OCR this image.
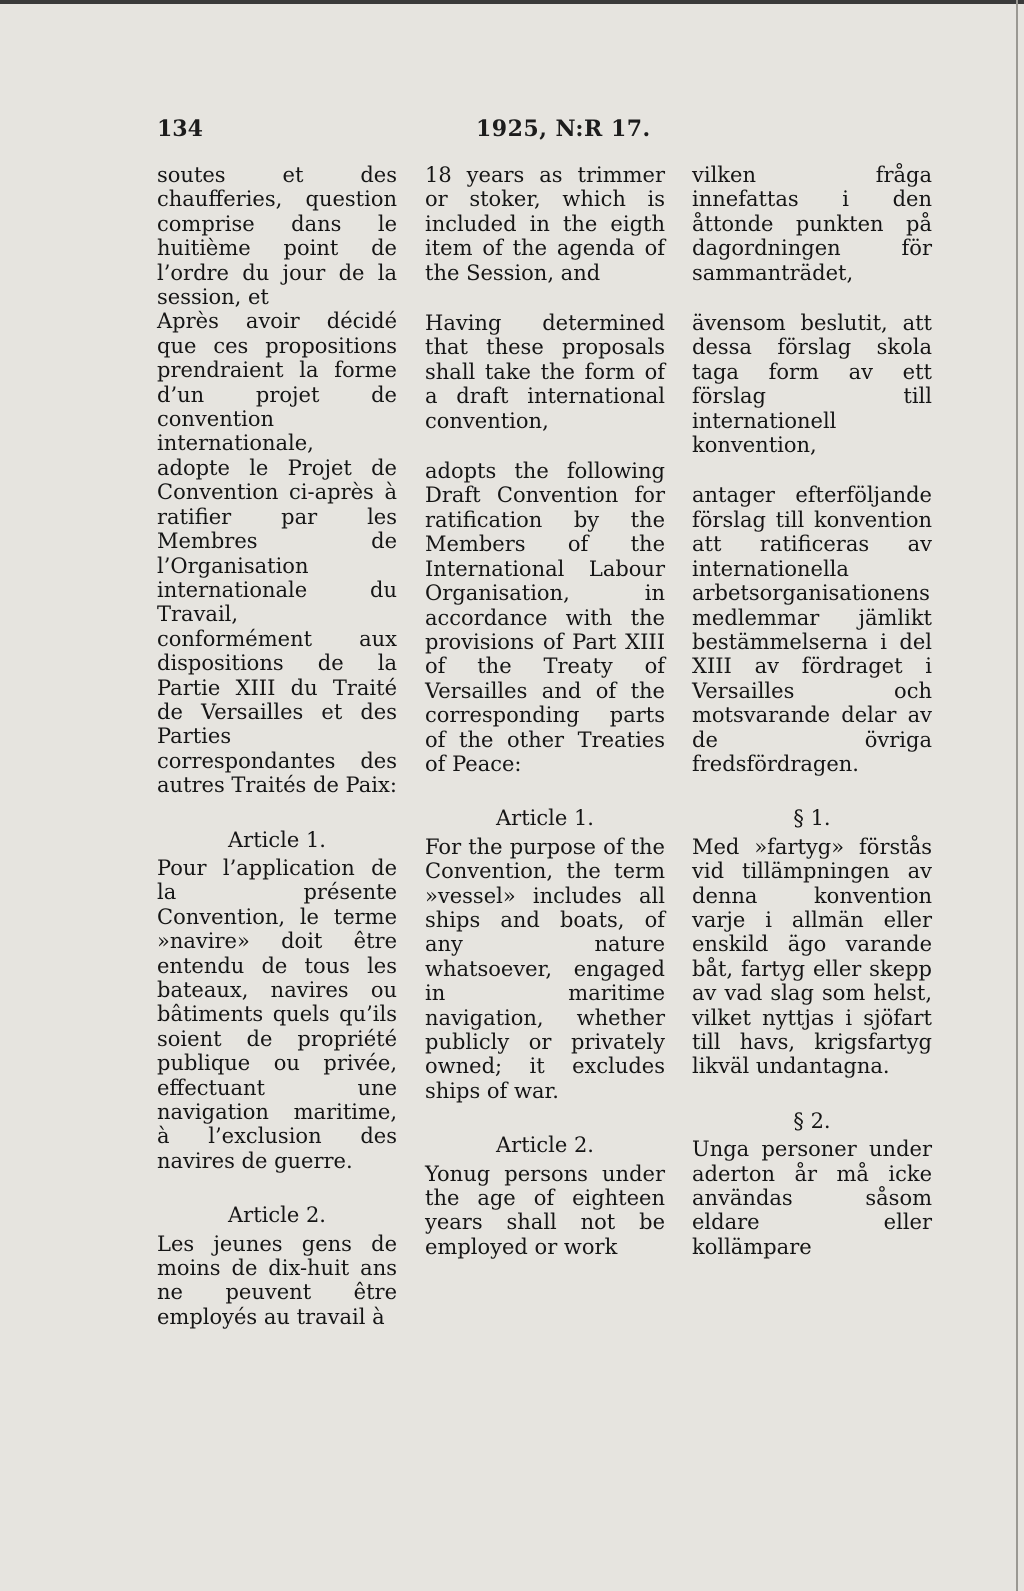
134	1925, N:R 17.

soutes et des chaufferies, question comprise dans le huitième point de l’ordre du jour de la session, et

Après avoir décidé que ces propositions prendraient la forme d’un projet de convention internationale,

adopte le Projet de Convention ci-après à ratifier par les Membres de l’Organisation internationale du Travail, conformément aux dispositions de la Partie XIII du Traité de Versailles et des Parties correspondantes des autres Traités de Paix:

Article 1.

Pour l’application de la présente Convention, le terme »navire» doit être entendu de tous les bateaux, navires ou bâtiments quels qu’ils soient de propriété publique ou privée, effectuant une navigation maritime, à l’exclusion des navires de guerre.

Article 2.

Les jeunes gens de moins de dix-huit ans ne peuvent être employés au travail à

18 years as trimmer or stoker, which is included in the eigth item of the agenda of the Session, and

Having determined that these proposals shall take the form of a draft international convention,

adopts the following Draft Convention for ratification by the Members of the International Labour Organisation, in accordance with the provisions of Part XIII of the Treaty of Versailles and of the corresponding parts of the other Treaties of Peace:

Article 1.

For the purpose of the Convention, the term »vessel» includes all ships and boats, of any nature whatsoever, engaged in maritime navigation, whether publicly or privately owned; it excludes ships of war.

Article 2.

Yonug persons under the age of eighteen years shall not be employed or work

vilken fråga innefattas i den åttonde punkten på dagordningen för sammanträdet,

ävensom beslutit, att dessa förslag skola taga form av ett förslag till internationell konvention,

antager efterföljande förslag till konvention att ratificeras av internationella arbetsorganisationens medlemmar jämlikt bestämmelserna i del XIII av fördraget i Versailles och motsvarande delar av de övriga fredsfördragen.

§ 1.

Med »fartyg» förstås vid tillämpningen av denna konvention varje i allmän eller enskild ägo varande båt, fartyg eller skepp av vad slag som helst, vilket nyttjas i sjöfart till havs, krigsfartyg likväl undantagna.

§ 2.

Unga personer under aderton år må icke användas såsom eldare eller kollämpare
